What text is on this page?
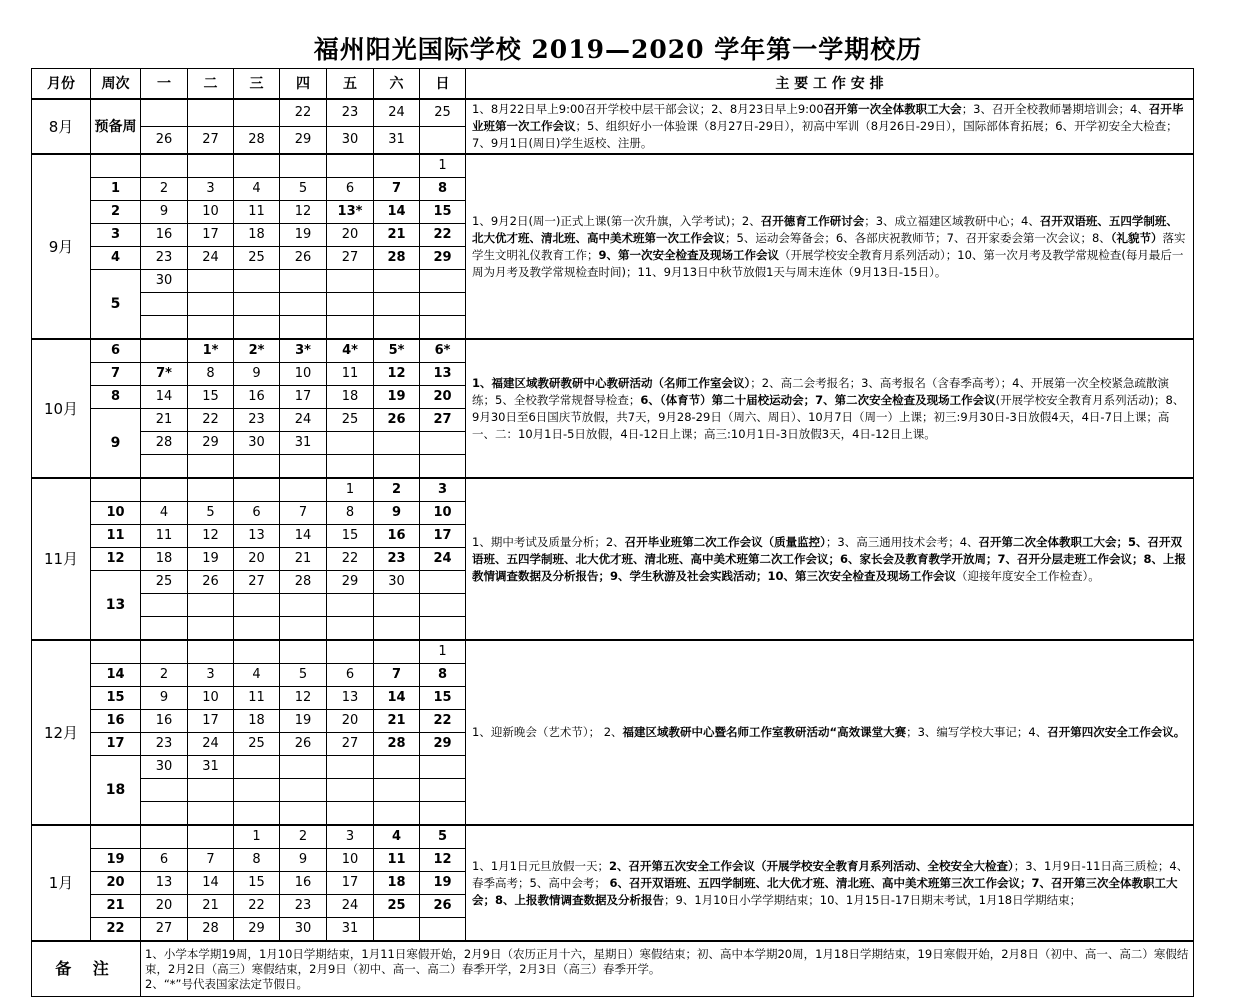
福州阳光国际学校 2019—2020 学年第一学期校历
月份	周次	一	二	三	四	五	六	日	主 要 工 作 安 排
8月	预备周				22	23	24	25	1、8月22日早上9:00召开学校中层干部会议；2、8月23日早上9:00召开第一次全体教职工大会；3、召开全校教师暑期培训会；4、召开毕业班第一次工作会议；5、组织好小一体验课（8月27日-29日），初高中军训（8月26日-29日），国际部体育拓展；6、开学初安全大检查；7、9月1日(周日)学生返校、注册。
		26	27	28	29	30	31		
9月								1	1、9月2日(周一)正式上课(第一次升旗，入学考试)；2、召开德育工作研讨会；3、成立福建区域教研中心；4、召开双语班、五四学制班、北大优才班、清北班、高中美术班第一次工作会议；5、运动会筹备会；6、各部庆祝教师节；7、召开家委会第一次会议；8、（礼貌节）落实学生文明礼仪教育工作；9、第一次安全检查及现场工作会议（开展学校安全教育月系列活动）；10、第一次月考及教学常规检查(每月最后一周为月考及教学常规检查时间)；11、9月13日中秋节放假1天与周末连休（9月13日-15日）。
	1	2	3	4	5	6	7	8	
	2	9	10	11	12	13*	14	15	
	3	16	17	18	19	20	21	22	
	4	23	24	25	26	27	28	29	
	5	30							

10月	6		1*	2*	3*	4*	5*	6*	1、福建区域教研教研中心教研活动（名师工作室会议）；2、高二会考报名；3、高考报名（含春季高考）；4、开展第一次全校紧急疏散演练；5、全校教学常规督导检查；6、（体育节）第二十届校运动会；7、第二次安全检查及现场工作会议(开展学校安全教育月系列活动)；8、9月30日至6日国庆节放假，共7天，9月28-29日（周六、周日）、10月7日（周一）上课；初三:9月30日-3日放假4天，4日-7日上课；高一、二：10月1日-5日放假，4日-12日上课；高三:10月1日-3日放假3天，4日-12日上课。
	7	7*	8	9	10	11	12	13	
	8	14	15	16	17	18	19	20	
	9	21	22	23	24	25	26	27	
		28	29	30	31				

11月						1	2	3	1、期中考试及质量分析；2、召开毕业班第二次工作会议（质量监控）；3、高三通用技术会考；4、召开第二次全体教职工大会；5、召开双语班、五四学制班、北大优才班、清北班、高中美术班第二次工作会议；6、家长会及教育教学开放周；7、召开分层走班工作会议；8、上报教情调查数据及分析报告；9、学生秋游及社会实践活动；10、第三次安全检查及现场工作会议（迎接年度安全工作检查）。
	10	4	5	6	7	8	9	10	
	11	11	12	13	14	15	16	17	
	12	18	19	20	21	22	23	24	
	13	25	26	27	28	29	30		

12月								1	1、迎新晚会（艺术节）； 2、福建区域教研中心暨名师工作室教研活动“高效课堂大赛；3、编写学校大事记；4、召开第四次安全工作会议。
	14	2	3	4	5	6	7	8	
	15	9	10	11	12	13	14	15	
	16	16	17	18	19	20	21	22	
	17	23	24	25	26	27	28	29	
	18	30	31						

1月				1	2	3	4	5	1、1月1日元旦放假一天；2、召开第五次安全工作会议（开展学校安全教育月系列活动、全校安全大检查）；3、1月9日-11日高三质检；4、春季高考；5、高中会考； 6、召开双语班、五四学制班、北大优才班、清北班、高中美术班第三次工作会议；7、召开第三次全体教职工大会；8、上报教情调查数据及分析报告；9、1月10日小学学期结束；10、1月15日-17日期末考试，1月18日学期结束；
	19	6	7	8	9	10	11	12	
	20	13	14	15	16	17	18	19	
	21	20	21	22	23	24	25	26	
	22	27	28	29	30	31			
备 注		1、小学本学期19周，1月10日学期结束，1月11日寒假开始，2月9日（农历正月十六，星期日）寒假结束；初、高中本学期20周，1月18日学期结束，19日寒假开始，2月8日（初中、高一、高二）寒假结束，2月2日（高三）寒假结束，2月9日（初中、高一、高二）春季开学，2月3日（高三）春季开学。
2、“*”号代表国家法定节假日。							
